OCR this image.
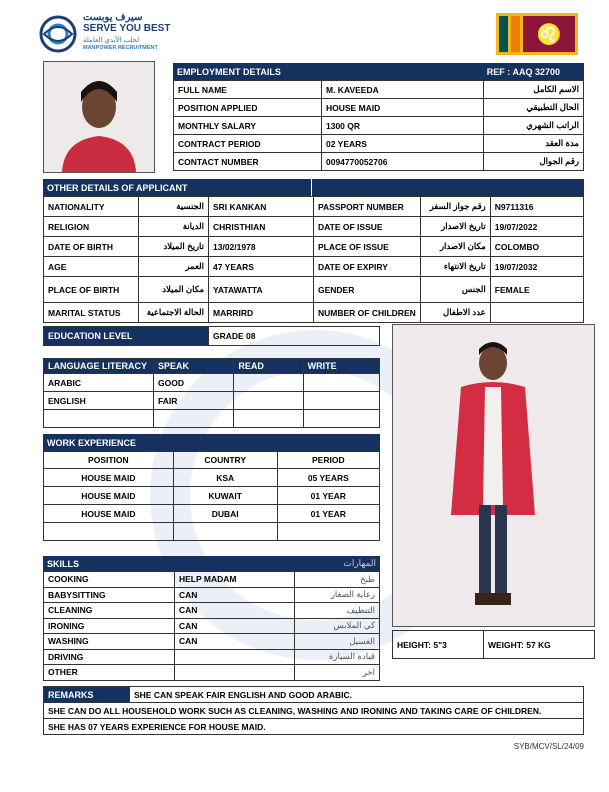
سيرف يوبست
SERVE YOU BEST
لجلب الأيدي العاملة
MANPOWER RECRUITMENT
♌
EMPLOYMENT DETAILS	REF : AAQ 32700
FULL NAME	M. KAVEEDA	الاسم الكامل
POSITION APPLIED	HOUSE MAID	الحال التطبيقي
MONTHLY SALARY	1300 QR	الراتب الشهري
CONTRACT PERIOD	02 YEARS	مدة العقد
CONTACT NUMBER	0094770052706	رقم الجوال
OTHER DETAILS OF APPLICANT
NATIONALITY	الجنسية	SRI KANKAN	PASSPORT NUMBER	رقم جواز السفر	N9711316
RELIGION	الديانة	CHRISTHIAN	DATE OF ISSUE	تاريخ الاصدار	19/07/2022
DATE OF BIRTH	تاريخ الميلاد	13/02/1978	PLACE OF ISSUE	مكان الاصدار	COLOMBO
AGE	العمر	47 YEARS	DATE OF EXPIRY	تاريخ الانتهاء	19/07/2032
PLACE OF BIRTH	مكان الميلاد	YATAWATTA	GENDER	الجنس	FEMALE
MARITAL STATUS	الحالة الاجتماعية	MARRIRD	NUMBER OF CHILDREN	عدد الاطفال	
EDUCATION LEVEL	GRADE 08
LANGUAGE LITERACY	SPEAK	READ	WRITE
ARABIC	GOOD		
ENGLISH	FAIR		

WORK EXPERIENCE
POSITION	COUNTRY	PERIOD
HOUSE MAID	KSA	05 YEARS
HOUSE MAID	KUWAIT	01 YEAR
HOUSE MAID	DUBAI	01 YEAR

SKILLS	المهارات
COOKING	HELP MADAM	طبخ
BABYSITTING	CAN	رعاية الصغار
CLEANING	CAN	التنظيف
IRONING	CAN	كي الملابس
WASHING	CAN	الغسيل
DRIVING		قيادة السيارة
OTHER		اخر
HEIGHT: 5"3	WEIGHT: 57 KG
REMARKS	SHE CAN SPEAK FAIR ENGLISH AND GOOD ARABIC.
SHE CAN DO ALL HOUSEHOLD WORK SUCH AS CLEANING, WASHING AND IRONING AND TAKING CARE OF CHILDREN.
SHE HAS 07 YEARS EXPERIENCE FOR HOUSE MAID.
SYB/MCV/SL/24/09
